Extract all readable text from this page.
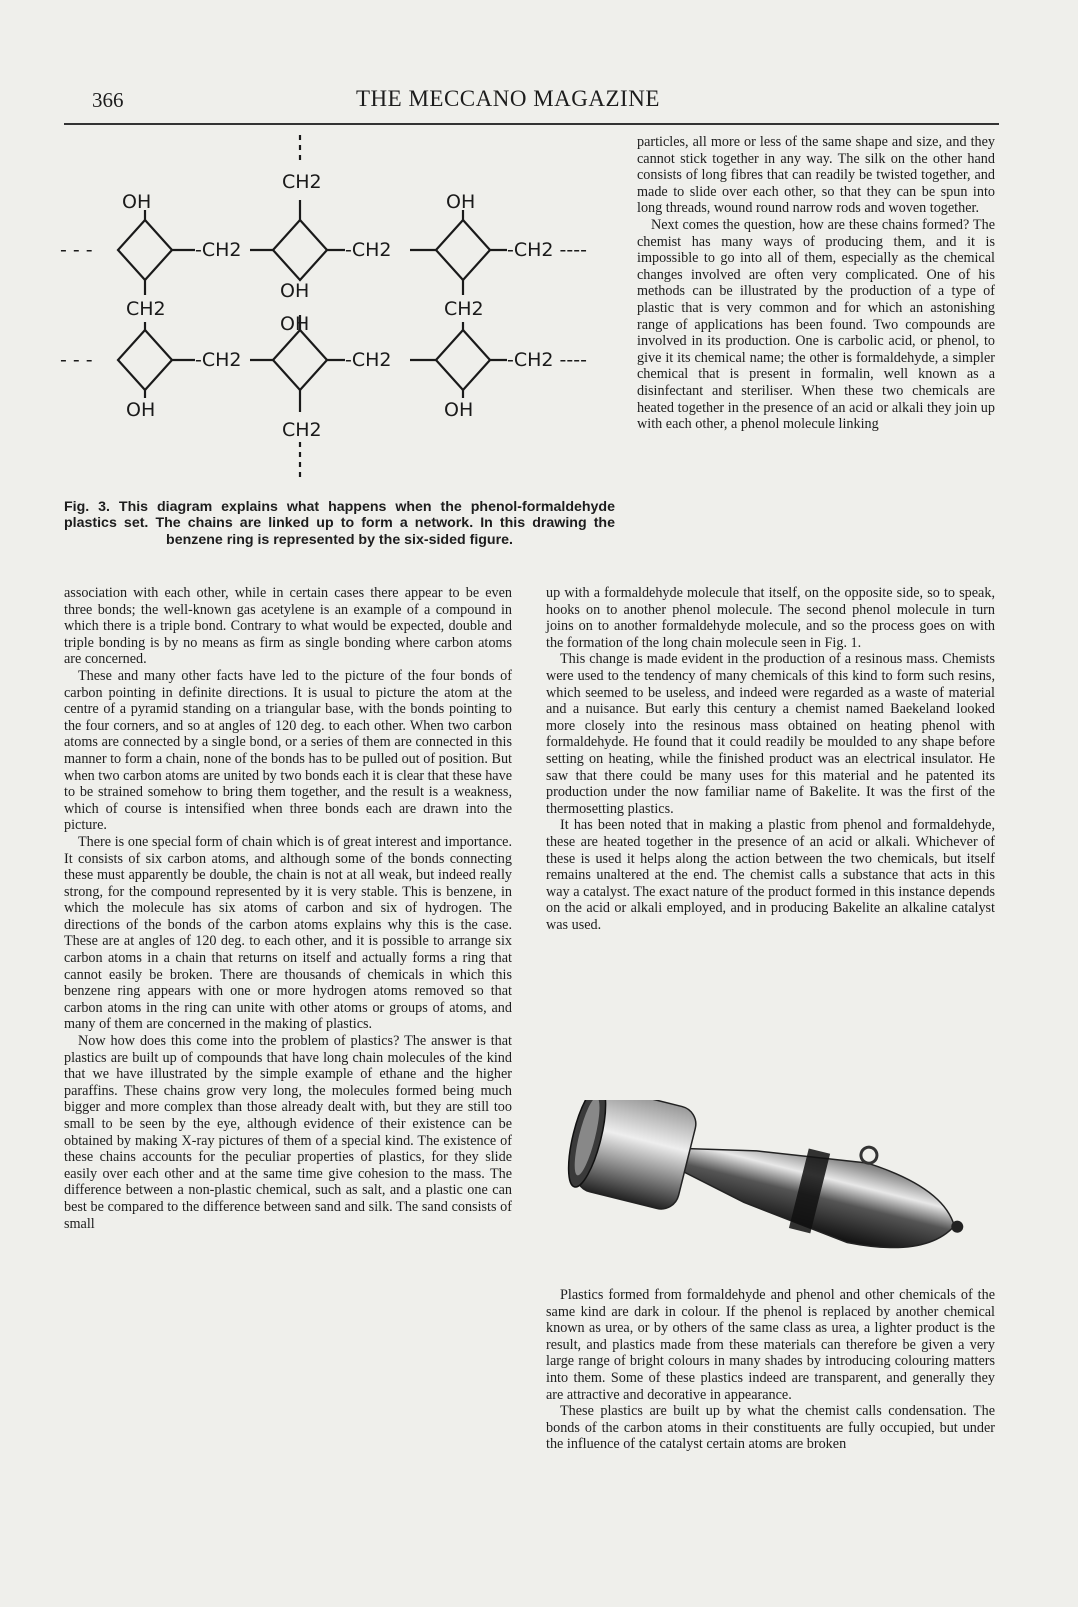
366	THE MECCANO MAGAZINE
OH	OH
CH2
- - -	-CH2	-CH2	-CH2 ----
CH2	CH2
OH
OH
- - -	-CH2	-CH2	-CH2 ----
OH	OH
CH2
Fig. 3. This diagram explains what happens when the phenol-formaldehyde plastics set. The chains are linked up to form a network. In this drawing the benzene ring is represented by the six-sided figure.

particles, all more or less of the same shape and size, and they cannot stick together in any way. The silk on the other hand consists of long fibres that can readily be twisted together, and made to slide over each other, so that they can be spun into long threads, wound round narrow rods and woven together.

Next comes the question, how are these chains formed? The chemist has many ways of producing them, and it is impossible to go into all of them, especially as the chemical changes involved are often very complicated. One of his methods can be illustrated by the production of a type of plastic that is very common and for which an astonishing range of applications has been found. Two compounds are involved in its production. One is carbolic acid, or phenol, to give it its chemical name; the other is formaldehyde, a simpler chemical that is present in formalin, well known as a disinfectant and steriliser. When these two chemicals are heated together in the presence of an acid or alkali they join up with each other, a phenol molecule linking

association with each other, while in certain cases there appear to be even three bonds; the well-known gas acetylene is an example of a compound in which there is a triple bond. Contrary to what would be expected, double and triple bonding is by no means as firm as single bonding where carbon atoms are concerned.

These and many other facts have led to the picture of the four bonds of carbon pointing in definite directions. It is usual to picture the atom at the centre of a pyramid standing on a triangular base, with the bonds pointing to the four corners, and so at angles of 120 deg. to each other. When two carbon atoms are connected by a single bond, or a series of them are connected in this manner to form a chain, none of the bonds has to be pulled out of position. But when two carbon atoms are united by two bonds each it is clear that these have to be strained somehow to bring them together, and the result is a weakness, which of course is intensified when three bonds each are drawn into the picture.

There is one special form of chain which is of great interest and importance. It consists of six carbon atoms, and although some of the bonds connecting these must apparently be double, the chain is not at all weak, but indeed really strong, for the compound represented by it is very stable. This is benzene, in which the molecule has six atoms of carbon and six of hydrogen. The directions of the bonds of the carbon atoms explains why this is the case. These are at angles of 120 deg. to each other, and it is possible to arrange six carbon atoms in a chain that returns on itself and actually forms a ring that cannot easily be broken. There are thousands of chemicals in which this benzene ring appears with one or more hydrogen atoms removed so that carbon atoms in the ring can unite with other atoms or groups of atoms, and many of them are concerned in the making of plastics.

Now how does this come into the problem of plastics? The answer is that plastics are built up of compounds that have long chain molecules of the kind that we have illustrated by the simple example of ethane and the higher paraffins. These chains grow very long, the molecules formed being much bigger and more complex than those already dealt with, but they are still too small to be seen by the eye, although evidence of their existence can be obtained by making X-ray pictures of them of a special kind. The existence of these chains accounts for the peculiar properties of plastics, for they slide easily over each other and at the same time give cohesion to the mass. The difference between a non-plastic chemical, such as salt, and a plastic one can best be compared to the difference between sand and silk. The sand consists of small

up with a formaldehyde molecule that itself, on the opposite side, so to speak, hooks on to another phenol molecule. The second phenol molecule in turn joins on to another formaldehyde molecule, and so the process goes on with the formation of the long chain molecule seen in Fig. 1.

This change is made evident in the production of a resinous mass. Chemists were used to the tendency of many chemicals of this kind to form such resins, which seemed to be useless, and indeed were regarded as a waste of material and a nuisance. But early this century a chemist named Baekeland looked more closely into the resinous mass obtained on heating phenol with formaldehyde. He found that it could readily be moulded to any shape before setting on heating, while the finished product was an electrical insulator. He saw that there could be many uses for this material and he patented its production under the now familiar name of Bakelite. It was the first of the thermosetting plastics.

It has been noted that in making a plastic from phenol and formaldehyde, these are heated together in the presence of an acid or alkali. Whichever of these is used it helps along the action between the two chemicals, but itself remains unaltered at the end. The chemist calls a substance that acts in this way a catalyst. The exact nature of the product formed in this instance depends on the acid or alkali employed, and in producing Bakelite an alkaline catalyst was used.

Plastics formed from formaldehyde and phenol and other chemicals of the same kind are dark in colour. If the phenol is replaced by another chemical known as urea, or by others of the same class as urea, a lighter product is the result, and plastics made from these materials can therefore be given a very large range of bright colours in many shades by introducing colouring matters into them. Some of these plastics indeed are transparent, and generally they are attractive and decorative in appearance.

These plastics are built up by what the chemist calls condensation. The bonds of the carbon atoms in their constituents are fully occupied, but under the influence of the catalyst certain atoms are broken
